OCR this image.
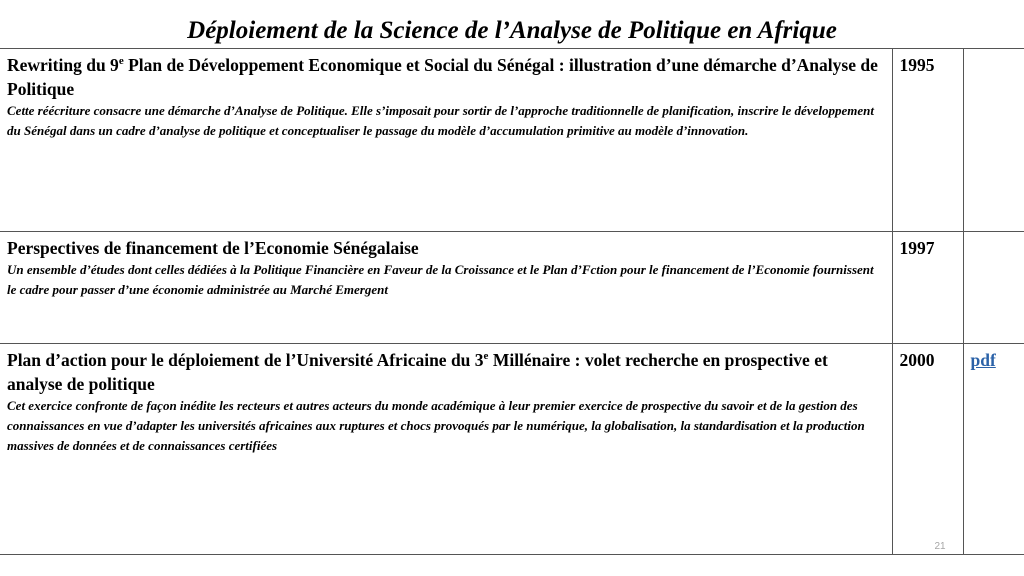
Déploiement de la Science de l’Analyse de Politique en Afrique
Rewriting du 9e Plan de Développement Economique et Social du Sénégal : illustration d’une démarche d’Analyse de Politique
Cette réécriture consacre une démarche d’Analyse de Politique. Elle s’imposait pour sortir de l’approche traditionnelle de planification, inscrire le développement du Sénégal dans un cadre d’analyse de politique et conceptualiser le passage du modèle d’accumulation primitive au modèle d’innovation.	1995	

Perspectives de financement de l’Economie Sénégalaise
Un ensemble d’études dont celles dédiées à la Politique Financière en Faveur de la Croissance et le Plan d’Fction pour le financement de l’Economie fournissent le cadre pour passer d’une économie administrée au Marché Emergent	1997	

Plan d’action pour le déploiement de l’Université Africaine du 3e Millénaire : volet recherche en prospective et analyse de politique
Cet exercice confronte de façon inédite les recteurs et autres acteurs du monde académique à leur premier exercice de prospective du savoir et de la gestion des connaissances en vue d’adapter les universités africaines aux ruptures et chocs provoqués par le numérique, la globalisation, la standardisation et la production massives de données et de connaissances certifiées	2000	pdf
21
